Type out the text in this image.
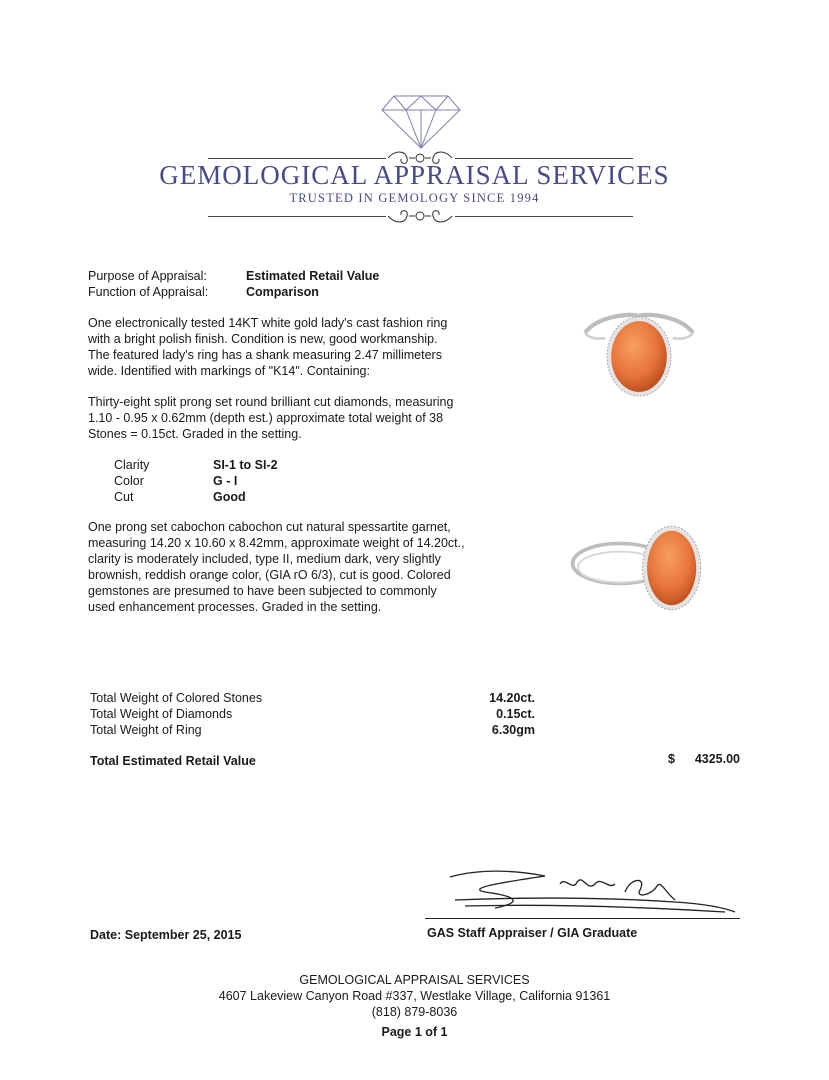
GEMOLOGICAL APPRAISAL SERVICES
TRUSTED IN GEMOLOGY SINCE 1994
Purpose of Appraisal:	Estimated Retail Value
Function of Appraisal:	Comparison
One electronically tested 14KT white gold lady's cast fashion ring
with a bright polish finish. Condition is new, good workmanship.
The featured lady's ring has a shank measuring 2.47 millimeters
wide. Identified with markings of "K14". Containing:
Thirty-eight split prong set round brilliant cut diamonds, measuring
1.10 - 0.95 x 0.62mm (depth est.) approximate total weight of 38
Stones = 0.15ct. Graded in the setting.
Clarity	SI-1 to SI-2
Color	G - I
Cut	Good
One prong set cabochon cabochon cut natural spessartite garnet,
measuring 14.20 x 10.60 x 8.42mm, approximate weight of 14.20ct.,
clarity is moderately included, type II, medium dark, very slightly
brownish, reddish orange color, (GIA rO 6/3), cut is good. Colored
gemstones are presumed to have been subjected to commonly
used enhancement processes. Graded in the setting.
Total Weight of Colored Stones	14.20ct.
Total Weight of Diamonds	0.15ct.
Total Weight of Ring	6.30gm
Total Estimated Retail Value	$	4325.00
Date: September 25, 2015	GAS Staff Appraiser / GIA Graduate
GEMOLOGICAL APPRAISAL SERVICES
4607 Lakeview Canyon Road #337, Westlake Village, California 91361
(818) 879-8036
Page 1 of 1
